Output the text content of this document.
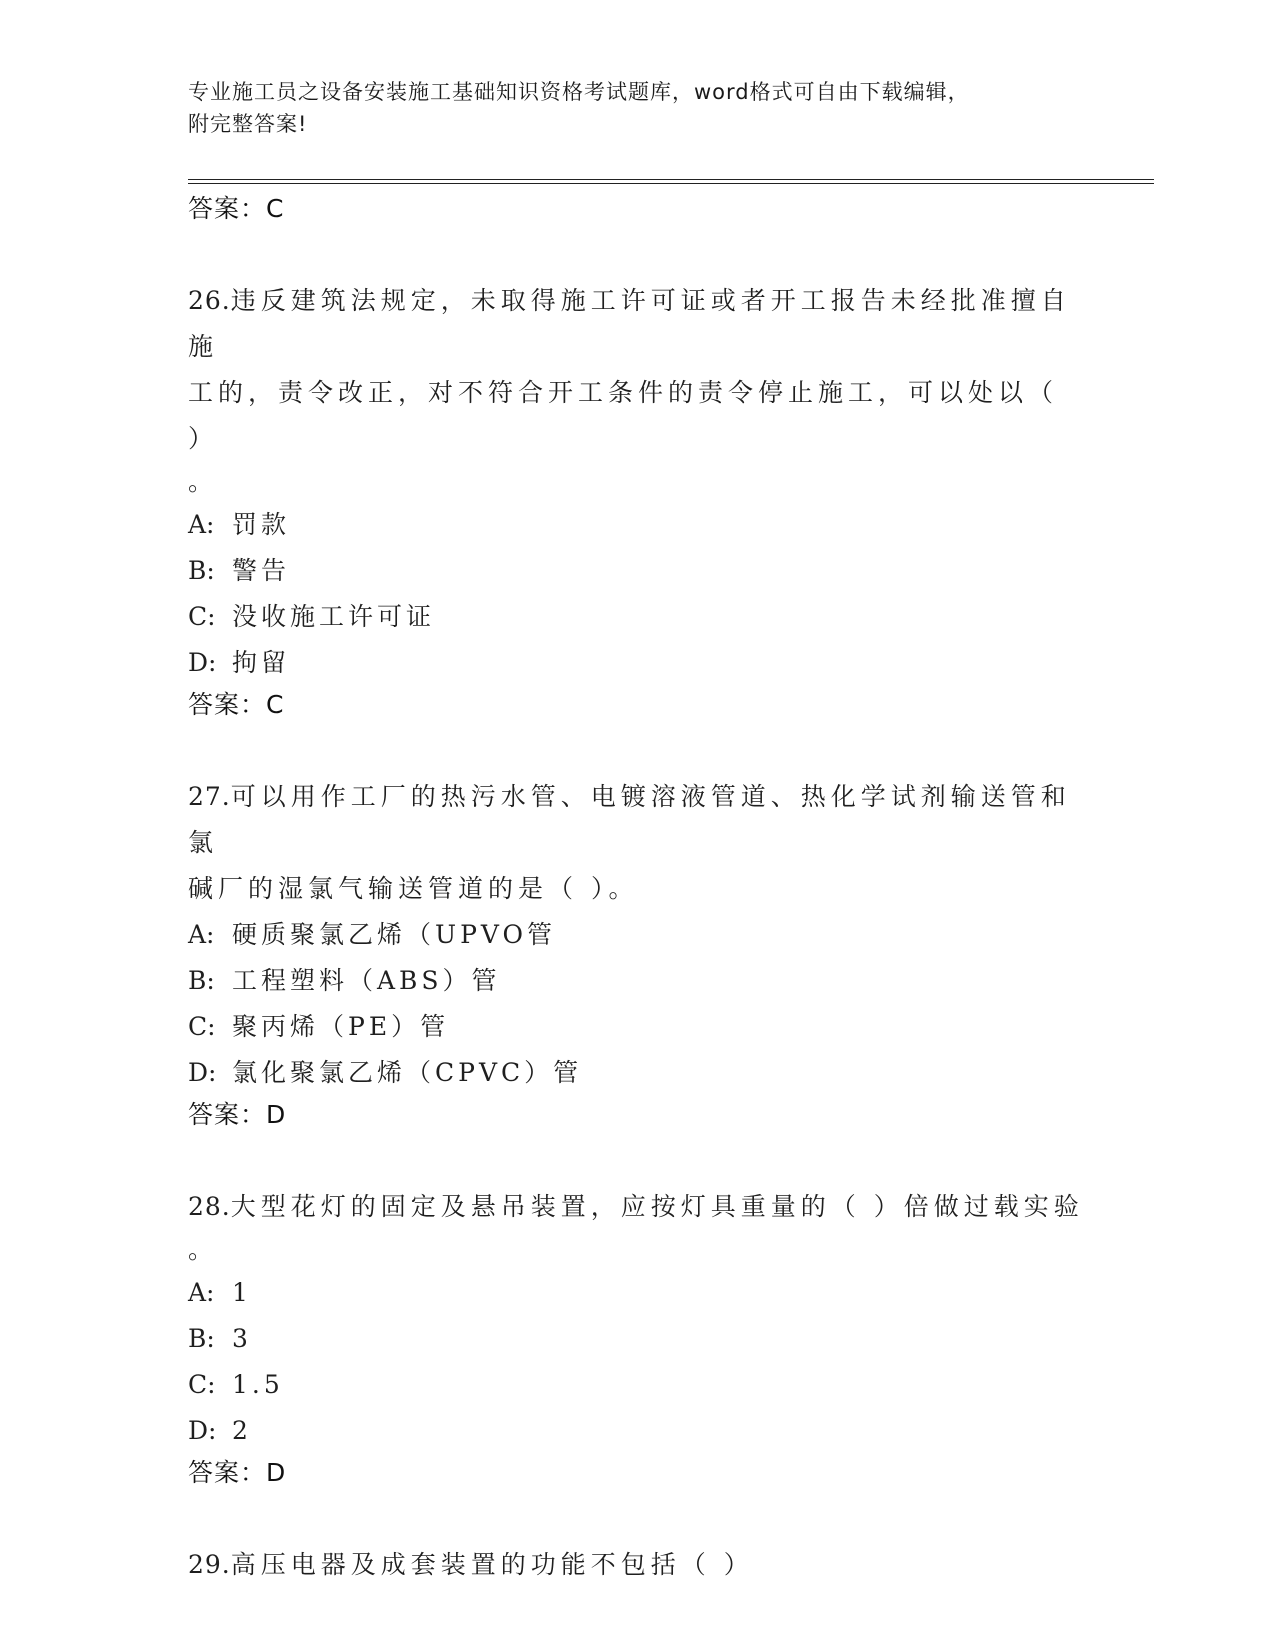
专业施工员之设备安装施工基础知识资格考试题库，word格式可自由下载编辑，
附完整答案!
答案：C
26.违反建筑法规定，未取得施工许可证或者开工报告未经批准擅自施
工的，责令改正，对不符合开工条件的责令停止施工，可以处以（ ）
。
A: 罚款
B: 警告
C: 没收施工许可证
D: 拘留
答案：C
27.可以用作工厂的热污水管、电镀溶液管道、热化学试剂输送管和氯
碱厂的湿氯气输送管道的是（ ）。
A: 硬质聚氯乙烯（UPVO管
B: 工程塑料（ABS）管
C: 聚丙烯（PE）管
D: 氯化聚氯乙烯（CPVC）管
答案：D
28.大型花灯的固定及悬吊装置，应按灯具重量的（ ）倍做过载实验
。
A: 1
B: 3
C: 1.5
D: 2
答案：D
29.高压电器及成套装置的功能不包括（ ）
